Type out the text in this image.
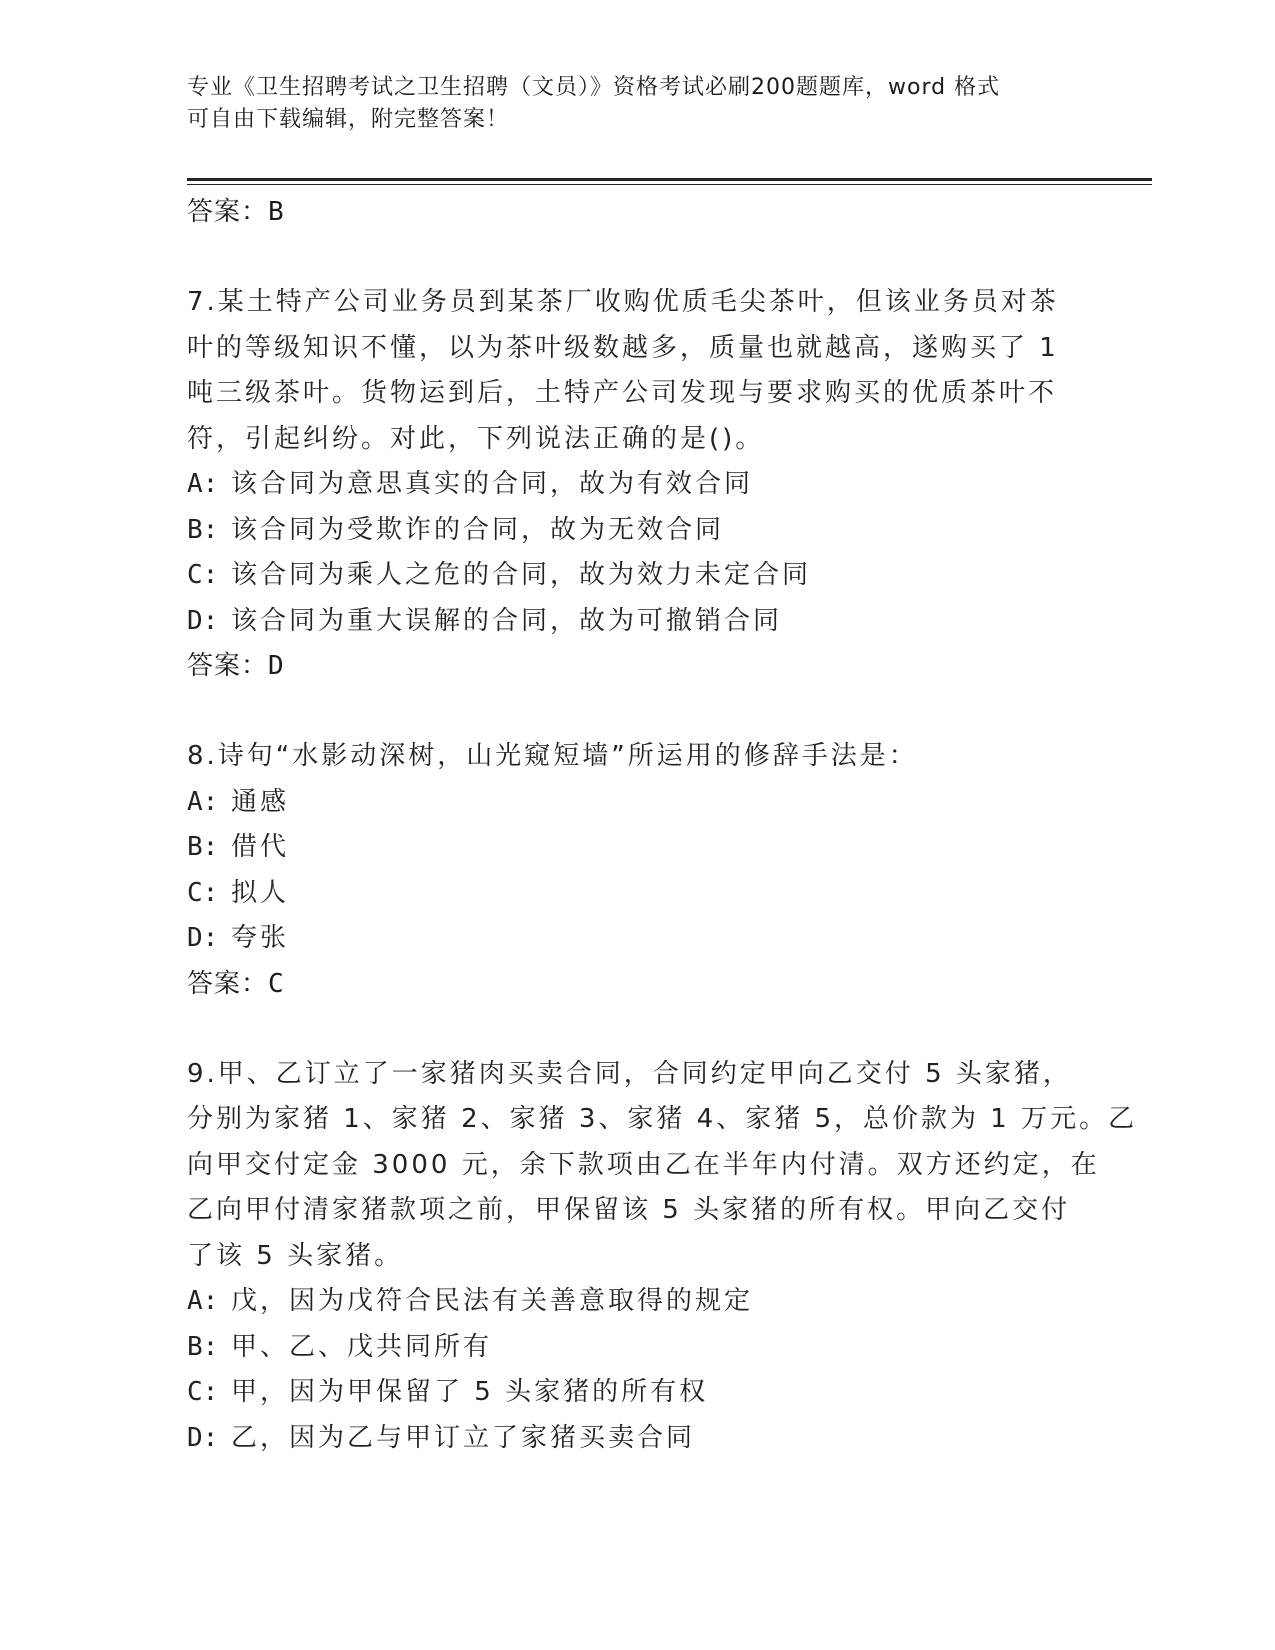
专业《卫生招聘考试之卫生招聘（文员）》资格考试必刷200题题库，word 格式
可自由下载编辑，附完整答案！
答案：B
7.某土特产公司业务员到某茶厂收购优质毛尖茶叶，但该业务员对茶
叶的等级知识不懂，以为茶叶级数越多，质量也就越高，遂购买了 1
吨三级茶叶。货物运到后，土特产公司发现与要求购买的优质茶叶不
符，引起纠纷。对此，下列说法正确的是()。
A: 该合同为意思真实的合同，故为有效合同
B: 该合同为受欺诈的合同，故为无效合同
C: 该合同为乘人之危的合同，故为效力未定合同
D: 该合同为重大误解的合同，故为可撤销合同
答案：D
8.诗句“水影动深树，山光窥短墙”所运用的修辞手法是：
A: 通感
B: 借代
C: 拟人
D: 夸张
答案：C
9.甲、乙订立了一家猪肉买卖合同，合同约定甲向乙交付 5 头家猪，
分别为家猪 1、家猪 2、家猪 3、家猪 4、家猪 5，总价款为 1 万元。乙
向甲交付定金 3000 元，余下款项由乙在半年内付清。双方还约定，在
乙向甲付清家猪款项之前，甲保留该 5 头家猪的所有权。甲向乙交付
了该 5 头家猪。
A: 戊，因为戊符合民法有关善意取得的规定
B: 甲、乙、戊共同所有
C: 甲，因为甲保留了 5 头家猪的所有权
D: 乙，因为乙与甲订立了家猪买卖合同
